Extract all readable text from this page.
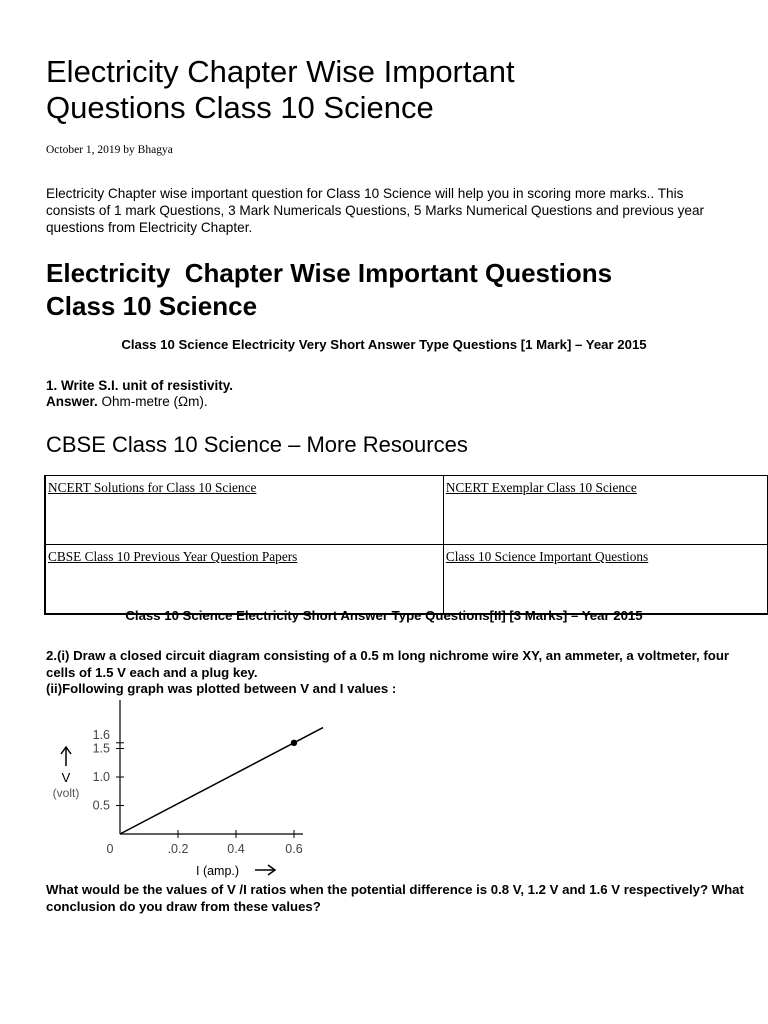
Electricity Chapter Wise Important
Questions Class 10 Science
October 1, 2019 by Bhagya
Electricity Chapter wise important question for Class 10 Science will help you in scoring more marks.. This consists of 1 mark Questions, 3 Mark Numericals Questions, 5 Marks Numerical Questions and previous year questions from Electricity Chapter.
Electricity  Chapter Wise Important Questions
Class 10 Science
Class 10 Science Electricity Very Short Answer Type Questions [1 Mark] – Year 2015
1. Write S.I. unit of resistivity.
Answer. Ohm-metre (Ωm).
CBSE Class 10 Science – More Resources
NCERT Solutions for Class 10 Science	NCERT Exemplar Class 10 Science
CBSE Class 10 Previous Year Question Papers	Class 10 Science Important Questions
Class 10 Science Electricity Short Answer Type Questions[II] [3 Marks] – Year 2015
2.(i) Draw a closed circuit diagram consisting of a 0.5 m long nichrome wire XY, an ammeter, a voltmeter, four cells of 1.5 V each and a plug key.
(ii)Following graph was plotted between V and I values :
0	.0.2	0.4	0.6
0.5
1.0
1.5
1.6
V
(volt)
I (amp.)
What would be the values of V /I ratios when the potential difference is 0.8 V, 1.2 V and 1.6 V respectively? What conclusion do you draw from these values?
